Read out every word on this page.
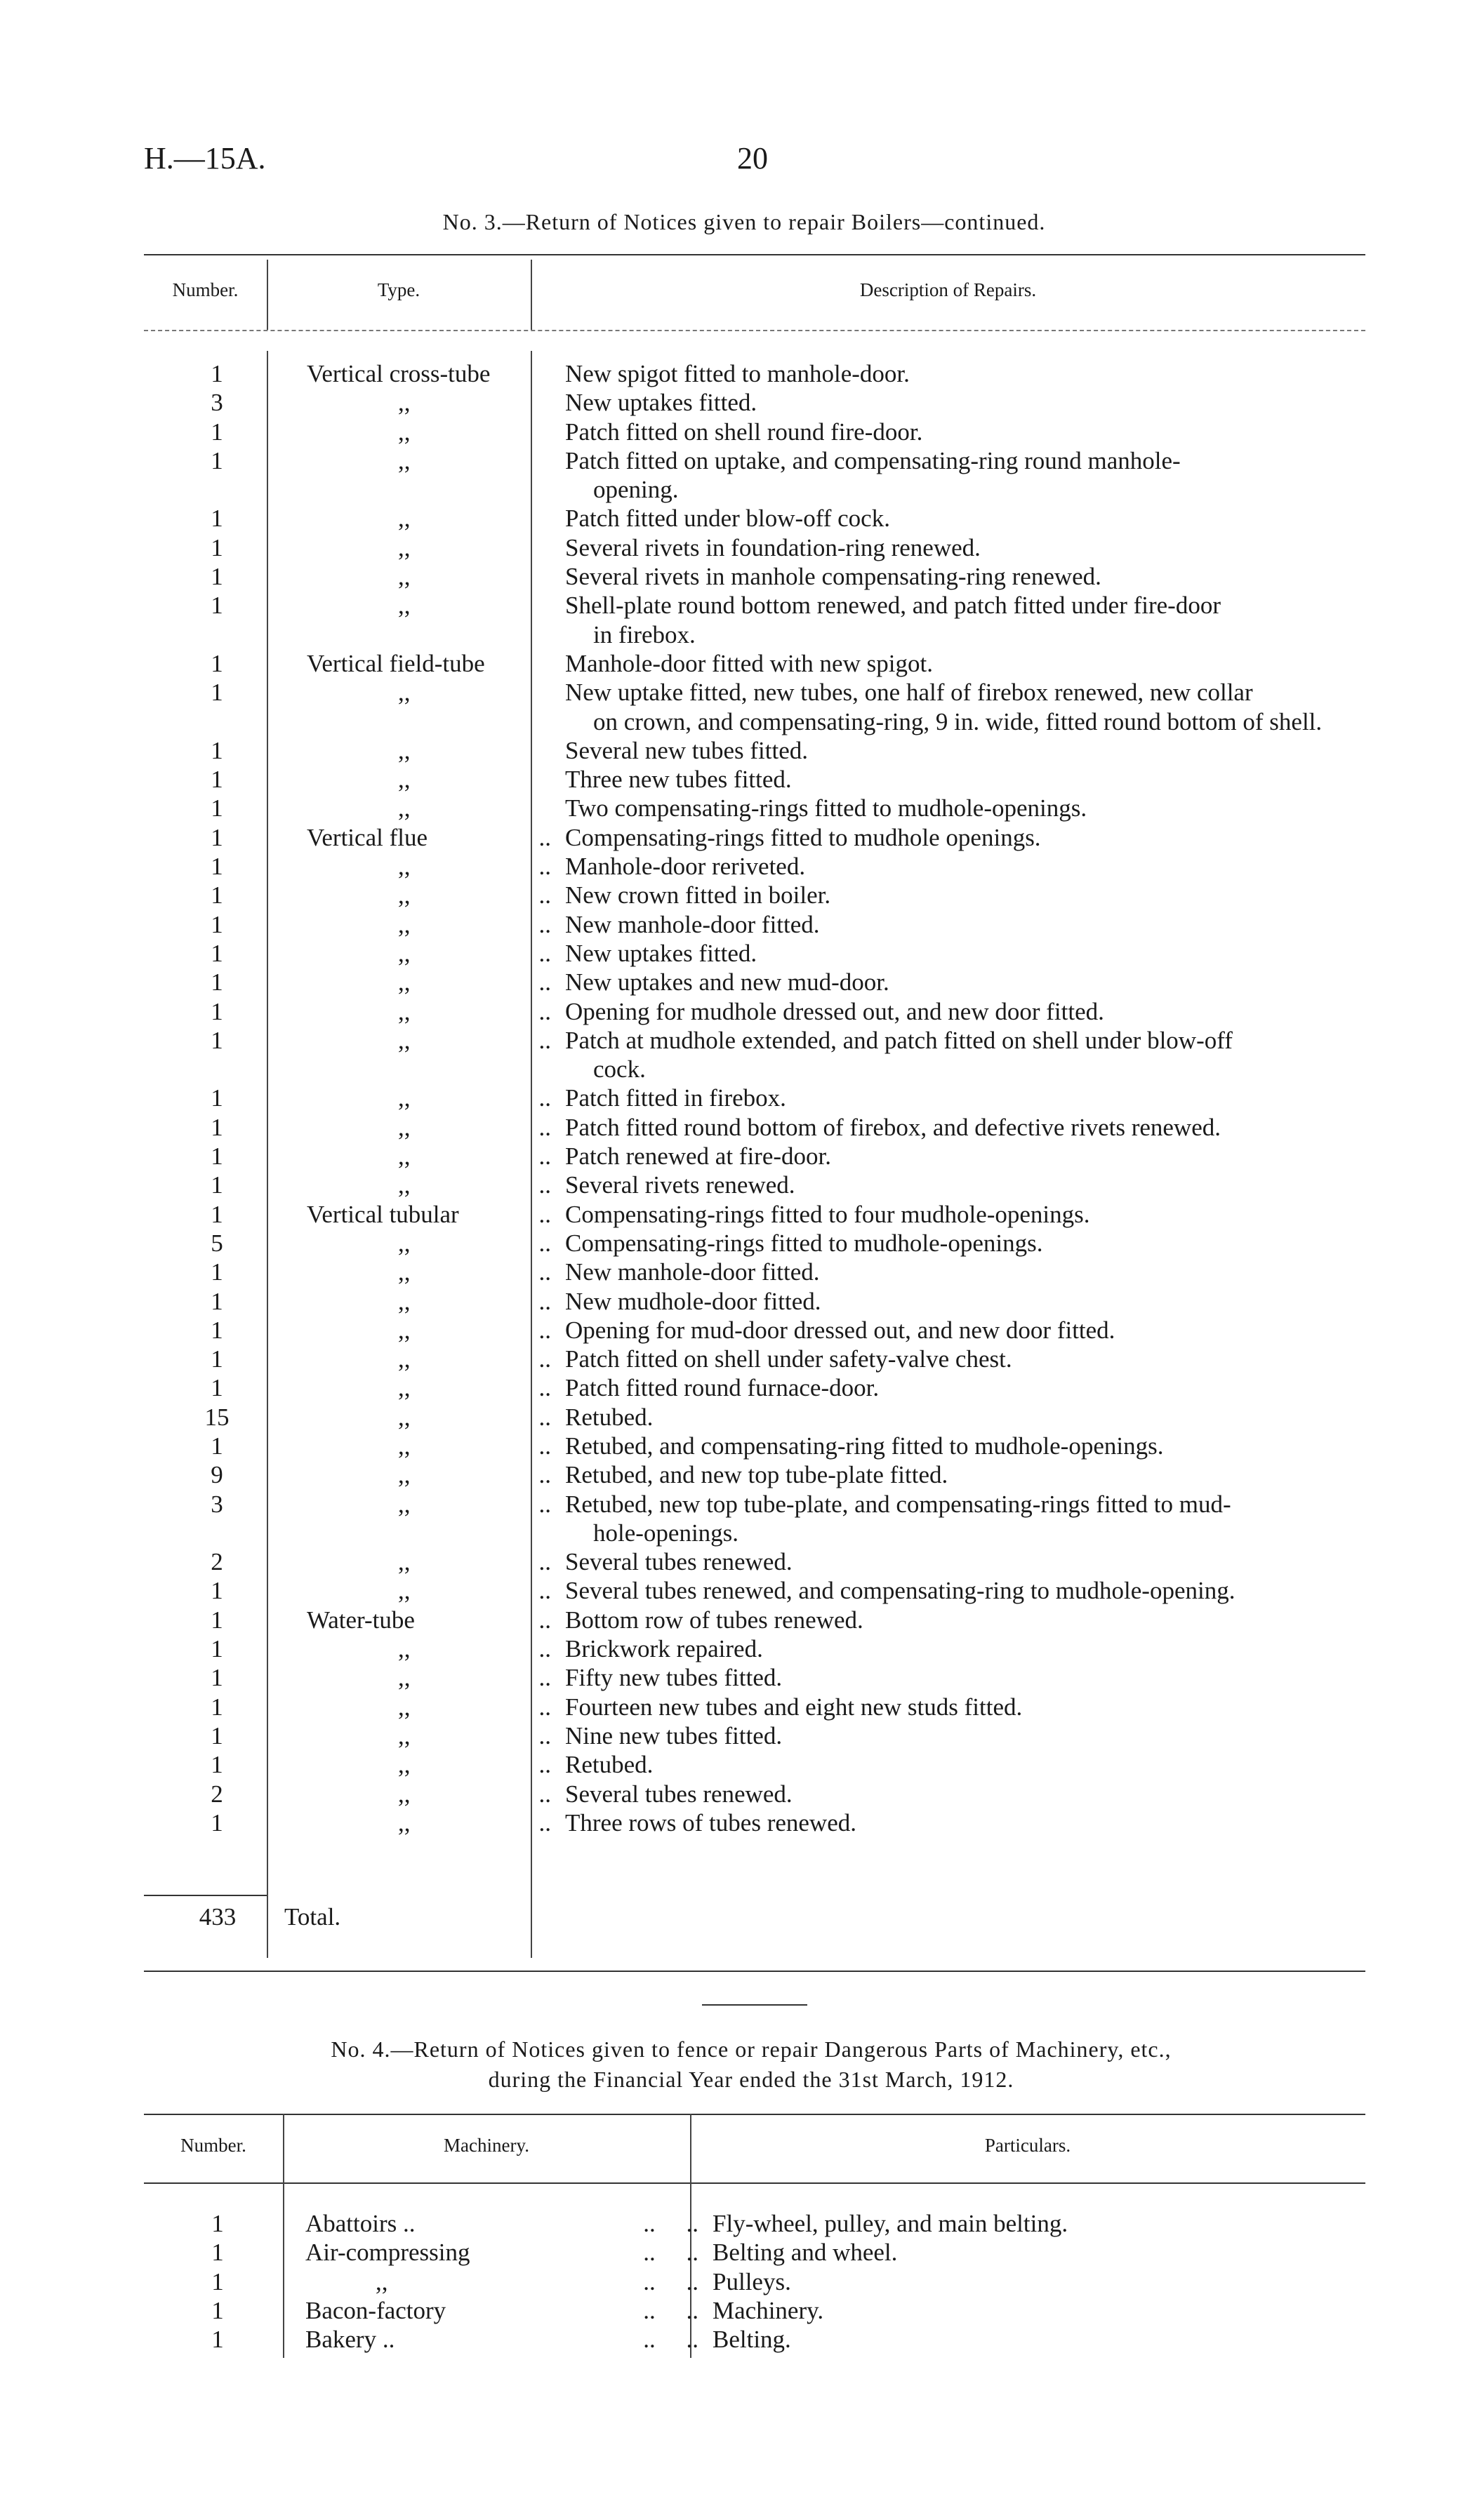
H.—15A.	20
No. 3.—Return of Notices given to repair Boilers—continued.
Number.	Type.	Description of Repairs.
1		Vertical cross-tube			New spigot fitted to manhole-door.
3		,,			New uptakes fitted.
1		,,			Patch fitted on shell round fire-door.
1		,,			Patch fitted on uptake, and compensating-ring round manhole-
opening.

1		,,			Patch fitted under blow-off cock.
1		,,			Several rivets in foundation-ring renewed.
1		,,			Several rivets in manhole compensating-ring renewed.
1		,,			Shell-plate round bottom renewed, and patch fitted under fire-door
in firebox.

1		Vertical field-tube			Manhole-door fitted with new spigot.
1		,,			New uptake fitted, new tubes, one half of firebox renewed, new collar
on crown, and compensating-ring, 9 in. wide, fitted round bottom of shell.

1		,,			Several new tubes fitted.
1		,,			Three new tubes fitted.
1		,,			Two compensating-rings fitted to mudhole-openings.
1		Vertical flue	..		Compensating-rings fitted to mudhole openings.
1		,,	..		Manhole-door reriveted.
1		,,	..		New crown fitted in boiler.
1		,,	..		New manhole-door fitted.
1		,,	..		New uptakes fitted.
1		,,	..		New uptakes and new mud-door.
1		,,	..		Opening for mudhole dressed out, and new door fitted.
1		,,	..		Patch at mudhole extended, and patch fitted on shell under blow-off
cock.

1		,,	..		Patch fitted in firebox.
1		,,	..		Patch fitted round bottom of firebox, and defective rivets renewed.
1		,,	..		Patch renewed at fire-door.
1		,,	..		Several rivets renewed.
1		Vertical tubular	..		Compensating-rings fitted to four mudhole-openings.
5		,,	..		Compensating-rings fitted to mudhole-openings.
1		,,	..		New manhole-door fitted.
1		,,	..		New mudhole-door fitted.
1		,,	..		Opening for mud-door dressed out, and new door fitted.
1		,,	..		Patch fitted on shell under safety-valve chest.
1		,,	..		Patch fitted round furnace-door.
15		,,	..		Retubed.
1		,,	..		Retubed, and compensating-ring fitted to mudhole-openings.
9		,,	..		Retubed, and new top tube-plate fitted.
3		,,	..		Retubed, new top tube-plate, and compensating-rings fitted to mud-
hole-openings.

2		,,	..		Several tubes renewed.
1		,,	..		Several tubes renewed, and compensating-ring to mudhole-opening.
1		Water-tube	..		Bottom row of tubes renewed.
1		,,	..		Brickwork repaired.
1		,,	..		Fifty new tubes fitted.
1		,,	..		Fourteen new tubes and eight new studs fitted.
1		,,	..		Nine new tubes fitted.
1		,,	..		Retubed.
2		,,	..		Several tubes renewed.
1		,,	..		Three rows of tubes renewed.
433	Total.
No. 4.—Return of Notices given to fence or repair Dangerous Parts of Machinery, etc.,
during the Financial Year ended the 31st March, 1912.
Number.	Machinery.	Particulars.
1		Abattoirs ..	..     ..		Fly-wheel, pulley, and main belting.
1		Air-compressing	..     ..		Belting and wheel.
1		,,	..     ..		Pulleys.
1		Bacon-factory	..     ..		Machinery.
1		Bakery ..	..     ..		Belting.
